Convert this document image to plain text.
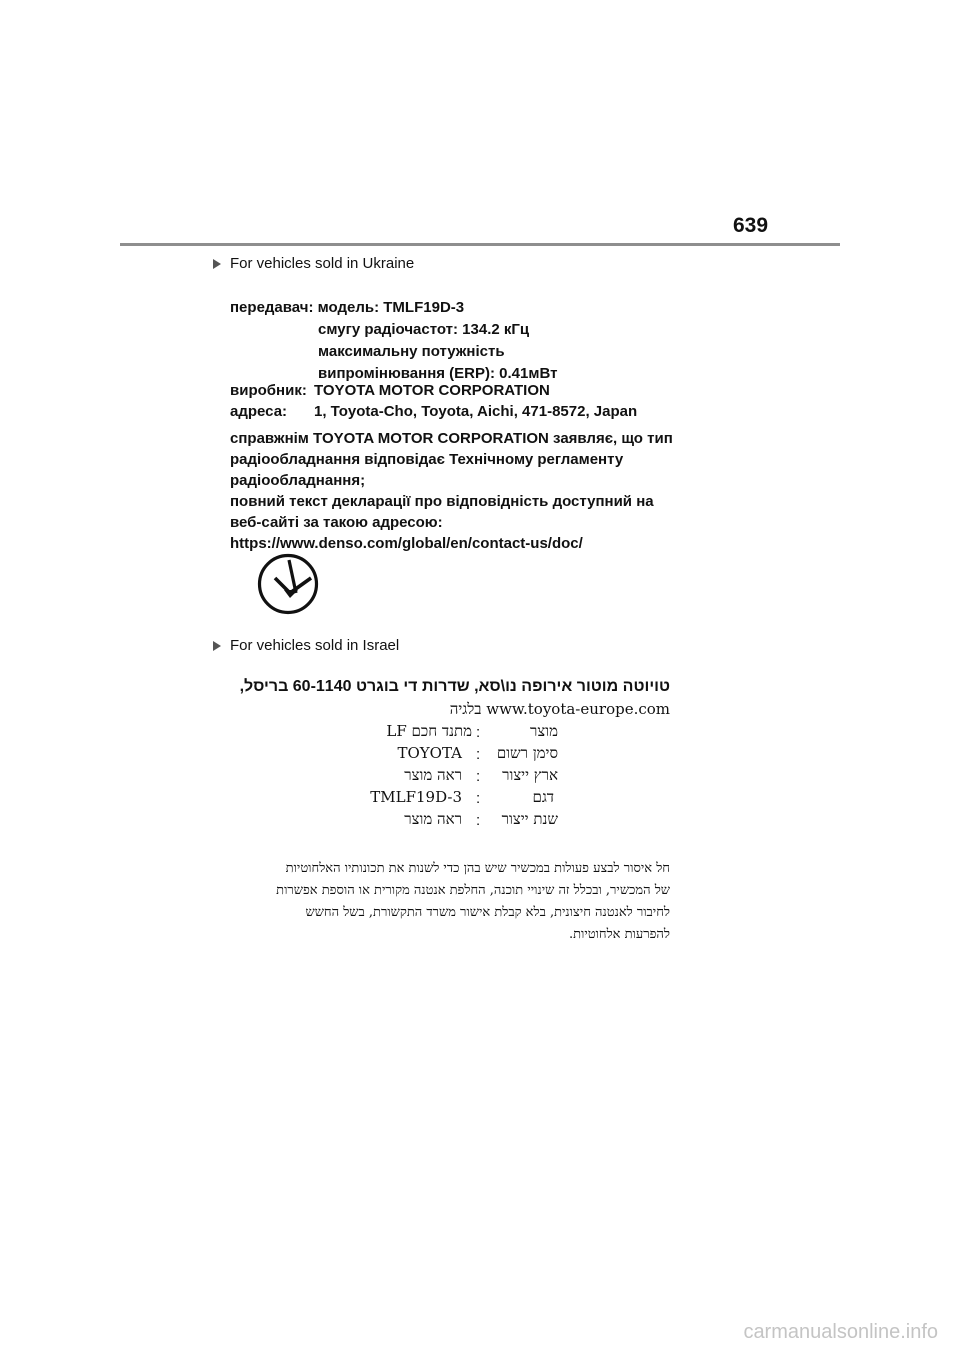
639
For vehicles sold in Ukraine
передавач: модель: TMLF19D-3
смугу радіочастот: 134.2 кГц
максимальну потужність
випромінювання (ERP): 0.41мВт
виробник: TOYOTA MOTOR CORPORATION
адреса: 1, Toyota-Cho, Toyota, Aichi, 471-8572, Japan
справжнім TOYOTA MOTOR CORPORATION заявляє, що тип
радіообладнання відповідає Технічному регламенту
радіообладнання;
повний текст декларації про відповідність доступний на
веб-сайті за такою адресою:
https://www.denso.com/global/en/contact-us/doc/
For vehicles sold in Israel
טויוטה מוטור אירופה נו\סא, שדרות די בוגרט 60-1140 בריסל,
www.toyota-europe.com בלגיה
מוצר
:
מתנד חכם LF
סימן רשום
:
TOYOTA
ארץ ייצור
:
ראה מוצר
דגם
:
TMLF19D-3
שנת ייצור
:
ראה מוצר
חל איסור לבצע פעולות במכשיר שיש בהן כדי לשנות את תכונותיו האלחוטיות
של המכשיר, ובכלל זה שינויי תוכנה, החלפת אנטנה מקורית או הוספת אפשרות
לחיבור לאנטנה חיצונית, בלא קבלת אישור משרד התקשורת, בשל החשש
להפרעות אלחוטיות.
carmanualsonline.info
